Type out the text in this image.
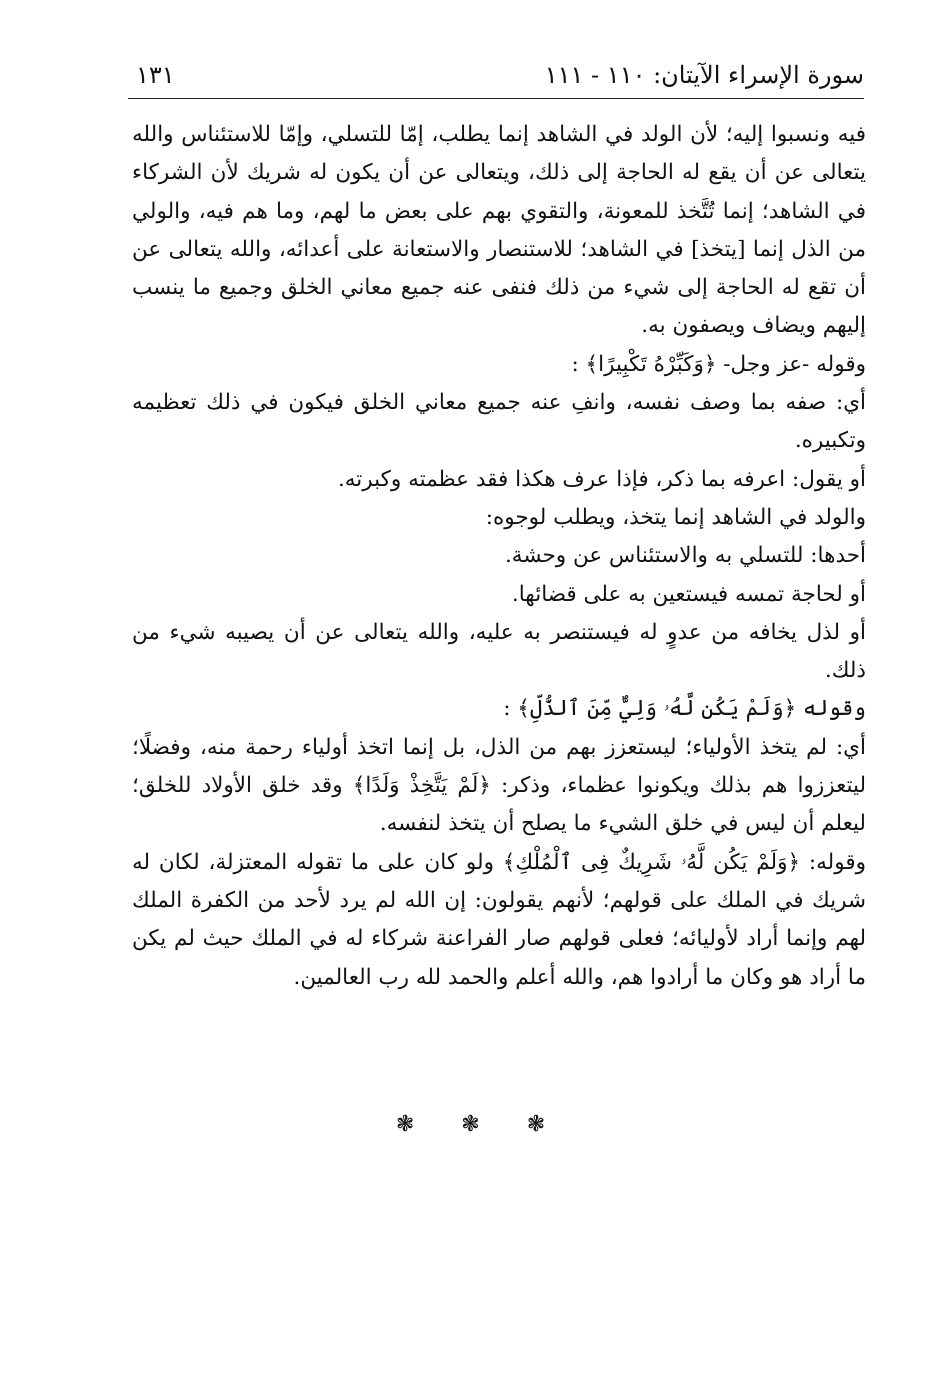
سورة الإسراء الآيتان: ١١٠ - ١١١
١٣١

فيه ونسبوا إليه؛ لأن الولد في الشاهد إنما يطلب، إمّا للتسلي، وإمّا للاستئناس والله يتعالى عن أن يقع له الحاجة إلى ذلك، ويتعالى عن أن يكون له شريك لأن الشركاء في الشاهد؛ إنما تُتَّخذ للمعونة، والتقوي بهم على بعض ما لهم، وما هم فيه، والولي من الذل إنما [يتخذ] في الشاهد؛ للاستنصار والاستعانة على أعدائه، والله يتعالى عن أن تقع له الحاجة إلى شيء من ذلك فنفى عنه جميع معاني الخلق وجميع ما ينسب إليهم ويضاف ويصفون به.

وقوله -عز وجل- ﴿وَكَبِّرْهُ تَكْبِيرًا﴾ :

أي: صفه بما وصف نفسه، وانفِ عنه جميع معاني الخلق فيكون في ذلك تعظيمه وتكبيره.

أو يقول: اعرفه بما ذكر، فإذا عرف هكذا فقد عظمته وكبرته.

والولد في الشاهد إنما يتخذ، ويطلب لوجوه:

أحدها: للتسلي به والاستئناس عن وحشة.

أو لحاجة تمسه فيستعين به على قضائها.

أو لذل يخافه من عدوٍ له فيستنصر به عليه، والله يتعالى عن أن يصيبه شيء من ذلك.

وقوله ﴿وَلَمْ يَكُن لَّهُۥ وَلِيٌّ مِّنَ ٱلذُّلِّ﴾ :

أي: لم يتخذ الأولياء؛ ليستعزز بهم من الذل، بل إنما اتخذ أولياء رحمة منه، وفضلًا؛ ليتعززوا هم بذلك ويكونوا عظماء، وذكر: ﴿لَمْ يَتَّخِذْ وَلَدًا﴾ وقد خلق الأولاد للخلق؛ ليعلم أن ليس في خلق الشيء ما يصلح أن يتخذ لنفسه.

وقوله: ﴿وَلَمْ يَكُن لَّهُۥ شَرِيكٌ فِى ٱلْمُلْكِ﴾ ولو كان على ما تقوله المعتزلة، لكان له شريك في الملك على قولهم؛ لأنهم يقولون: إن الله لم يرد لأحد من الكفرة الملك لهم وإنما أراد لأوليائه؛ فعلى قولهم صار الفراعنة شركاء له في الملك حيث لم يكن ما أراد هو وكان ما أرادوا هم، والله أعلم والحمد لله رب العالمين.

❃ ❃ ❃
